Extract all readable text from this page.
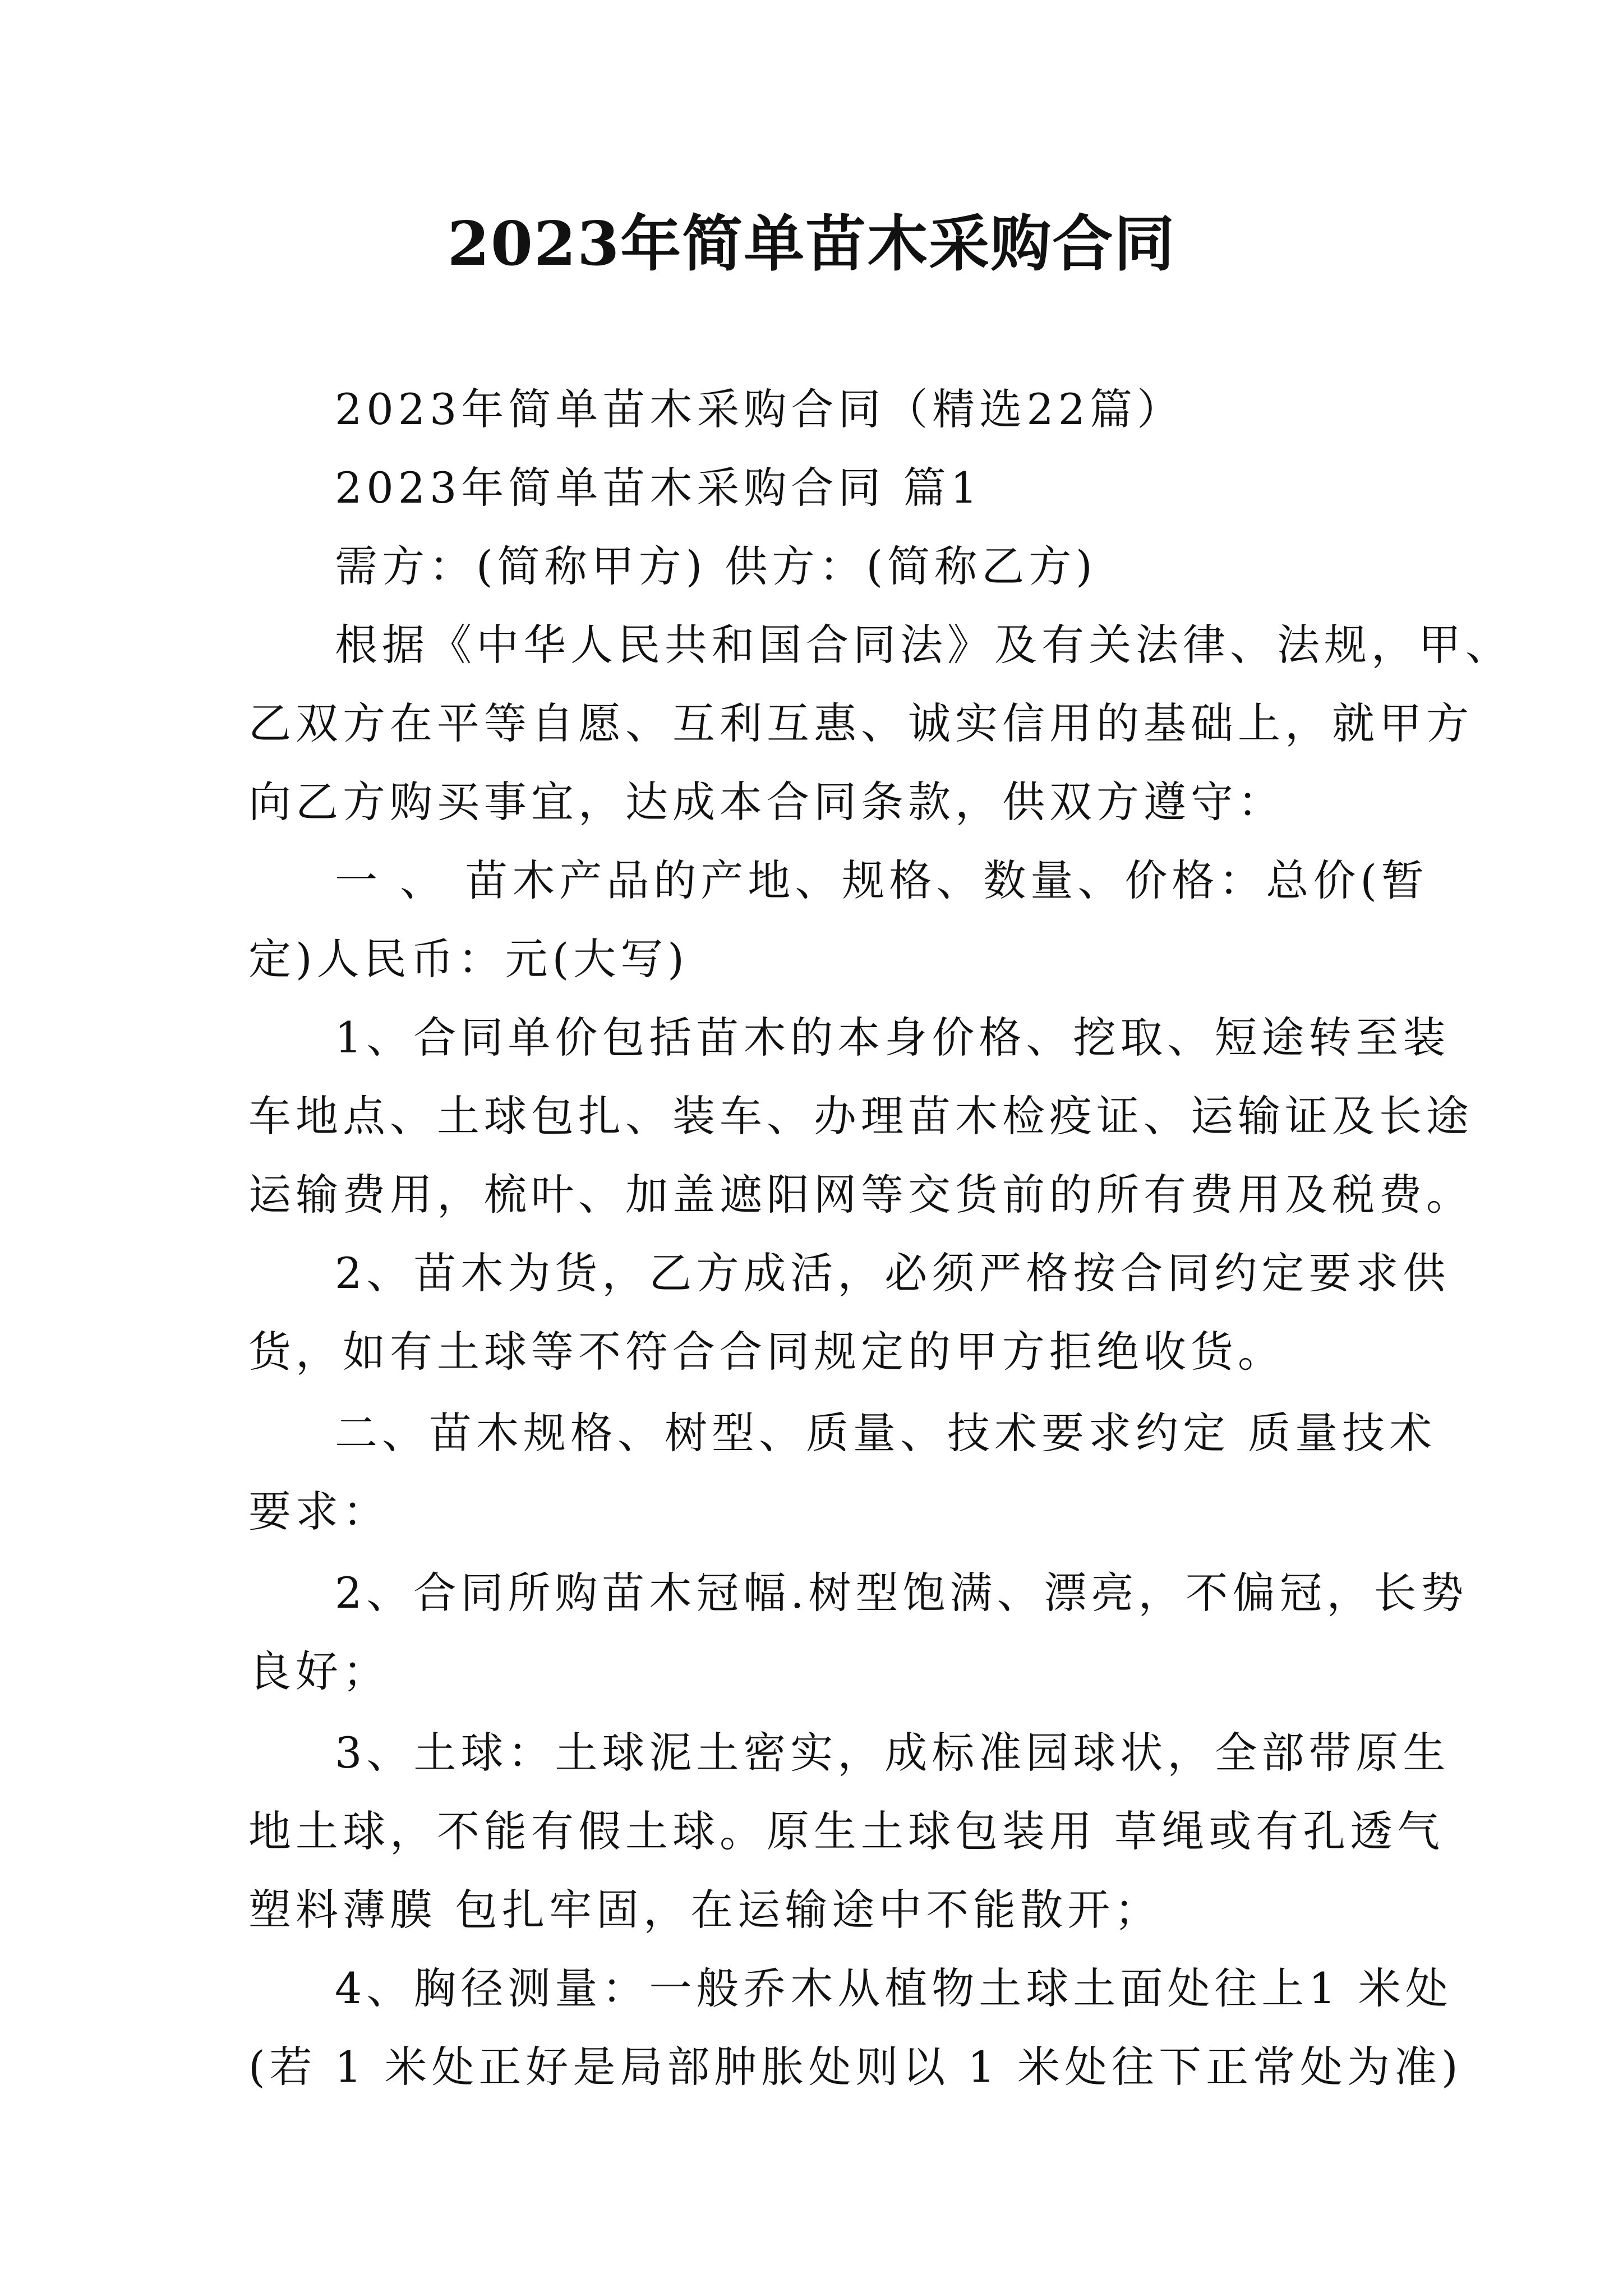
2023年简单苗木采购合同
2023年简单苗木采购合同（精选22篇）
2023年简单苗木采购合同 篇1
需方：(简称甲方) 供方：(简称乙方)
根据《中华人民共和国合同法》及有关法律、法规，甲、
乙双方在平等自愿、互利互惠、诚实信用的基础上，就甲方
向乙方购买事宜，达成本合同条款，供双方遵守：
一 、 苗木产品的产地、规格、数量、价格：总价(暂
定)人民币：元(大写)
1、合同单价包括苗木的本身价格、挖取、短途转至装
车地点、土球包扎、装车、办理苗木检疫证、运输证及长途
运输费用，梳叶、加盖遮阳网等交货前的所有费用及税费。
2、苗木为货，乙方成活，必须严格按合同约定要求供
货，如有土球等不符合合同规定的甲方拒绝收货。
二、苗木规格、树型、质量、技术要求约定 质量技术
要求：
2、合同所购苗木冠幅.树型饱满、漂亮，不偏冠，长势
良好；
3、土球：土球泥土密实，成标准园球状，全部带原生
地土球，不能有假土球。原生土球包装用 草绳或有孔透气
塑料薄膜 包扎牢固，在运输途中不能散开；
4、胸径测量：一般乔木从植物土球土面处往上1 米处
(若 1 米处正好是局部肿胀处则以 1 米处往下正常处为准)
